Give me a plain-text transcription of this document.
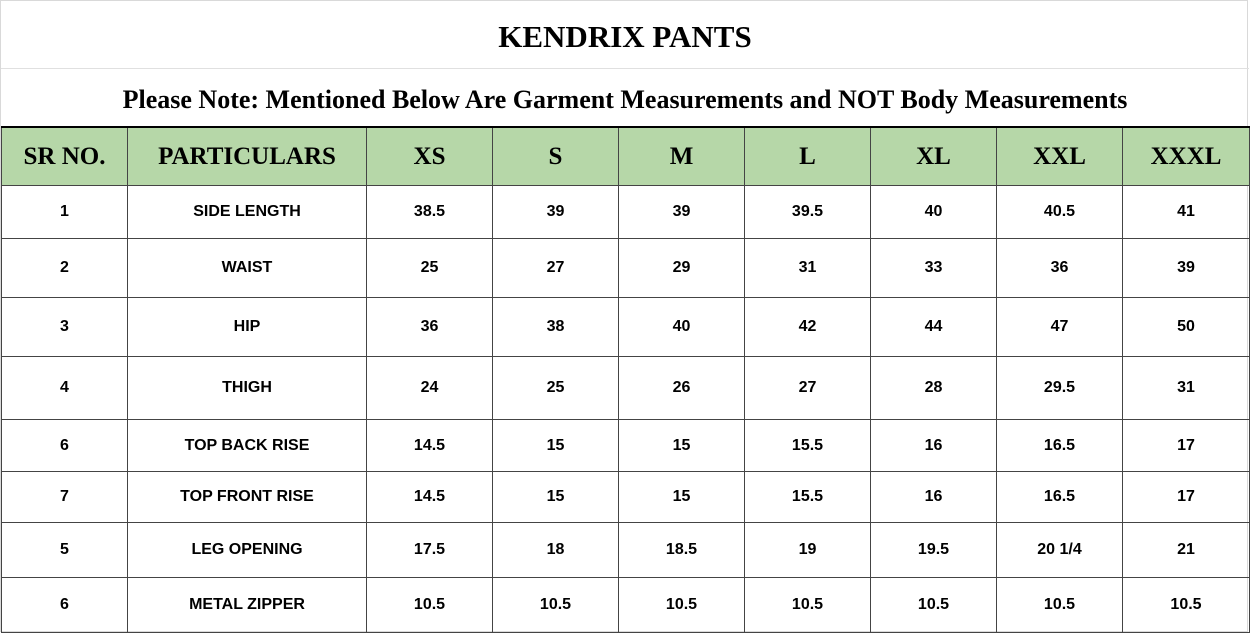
KENDRIX PANTS
Please Note: Mentioned Below Are Garment Measurements and NOT Body Measurements
SR NO.	PARTICULARS	XS	S	M	L	XL	XXL	XXXL
1	SIDE LENGTH	38.5	39	39	39.5	40	40.5	41
2	WAIST	25	27	29	31	33	36	39
3	HIP	36	38	40	42	44	47	50
4	THIGH	24	25	26	27	28	29.5	31
6	TOP BACK RISE	14.5	15	15	15.5	16	16.5	17
7	TOP FRONT RISE	14.5	15	15	15.5	16	16.5	17
5	LEG OPENING	17.5	18	18.5	19	19.5	20 1/4	21
6	METAL ZIPPER	10.5	10.5	10.5	10.5	10.5	10.5	10.5
